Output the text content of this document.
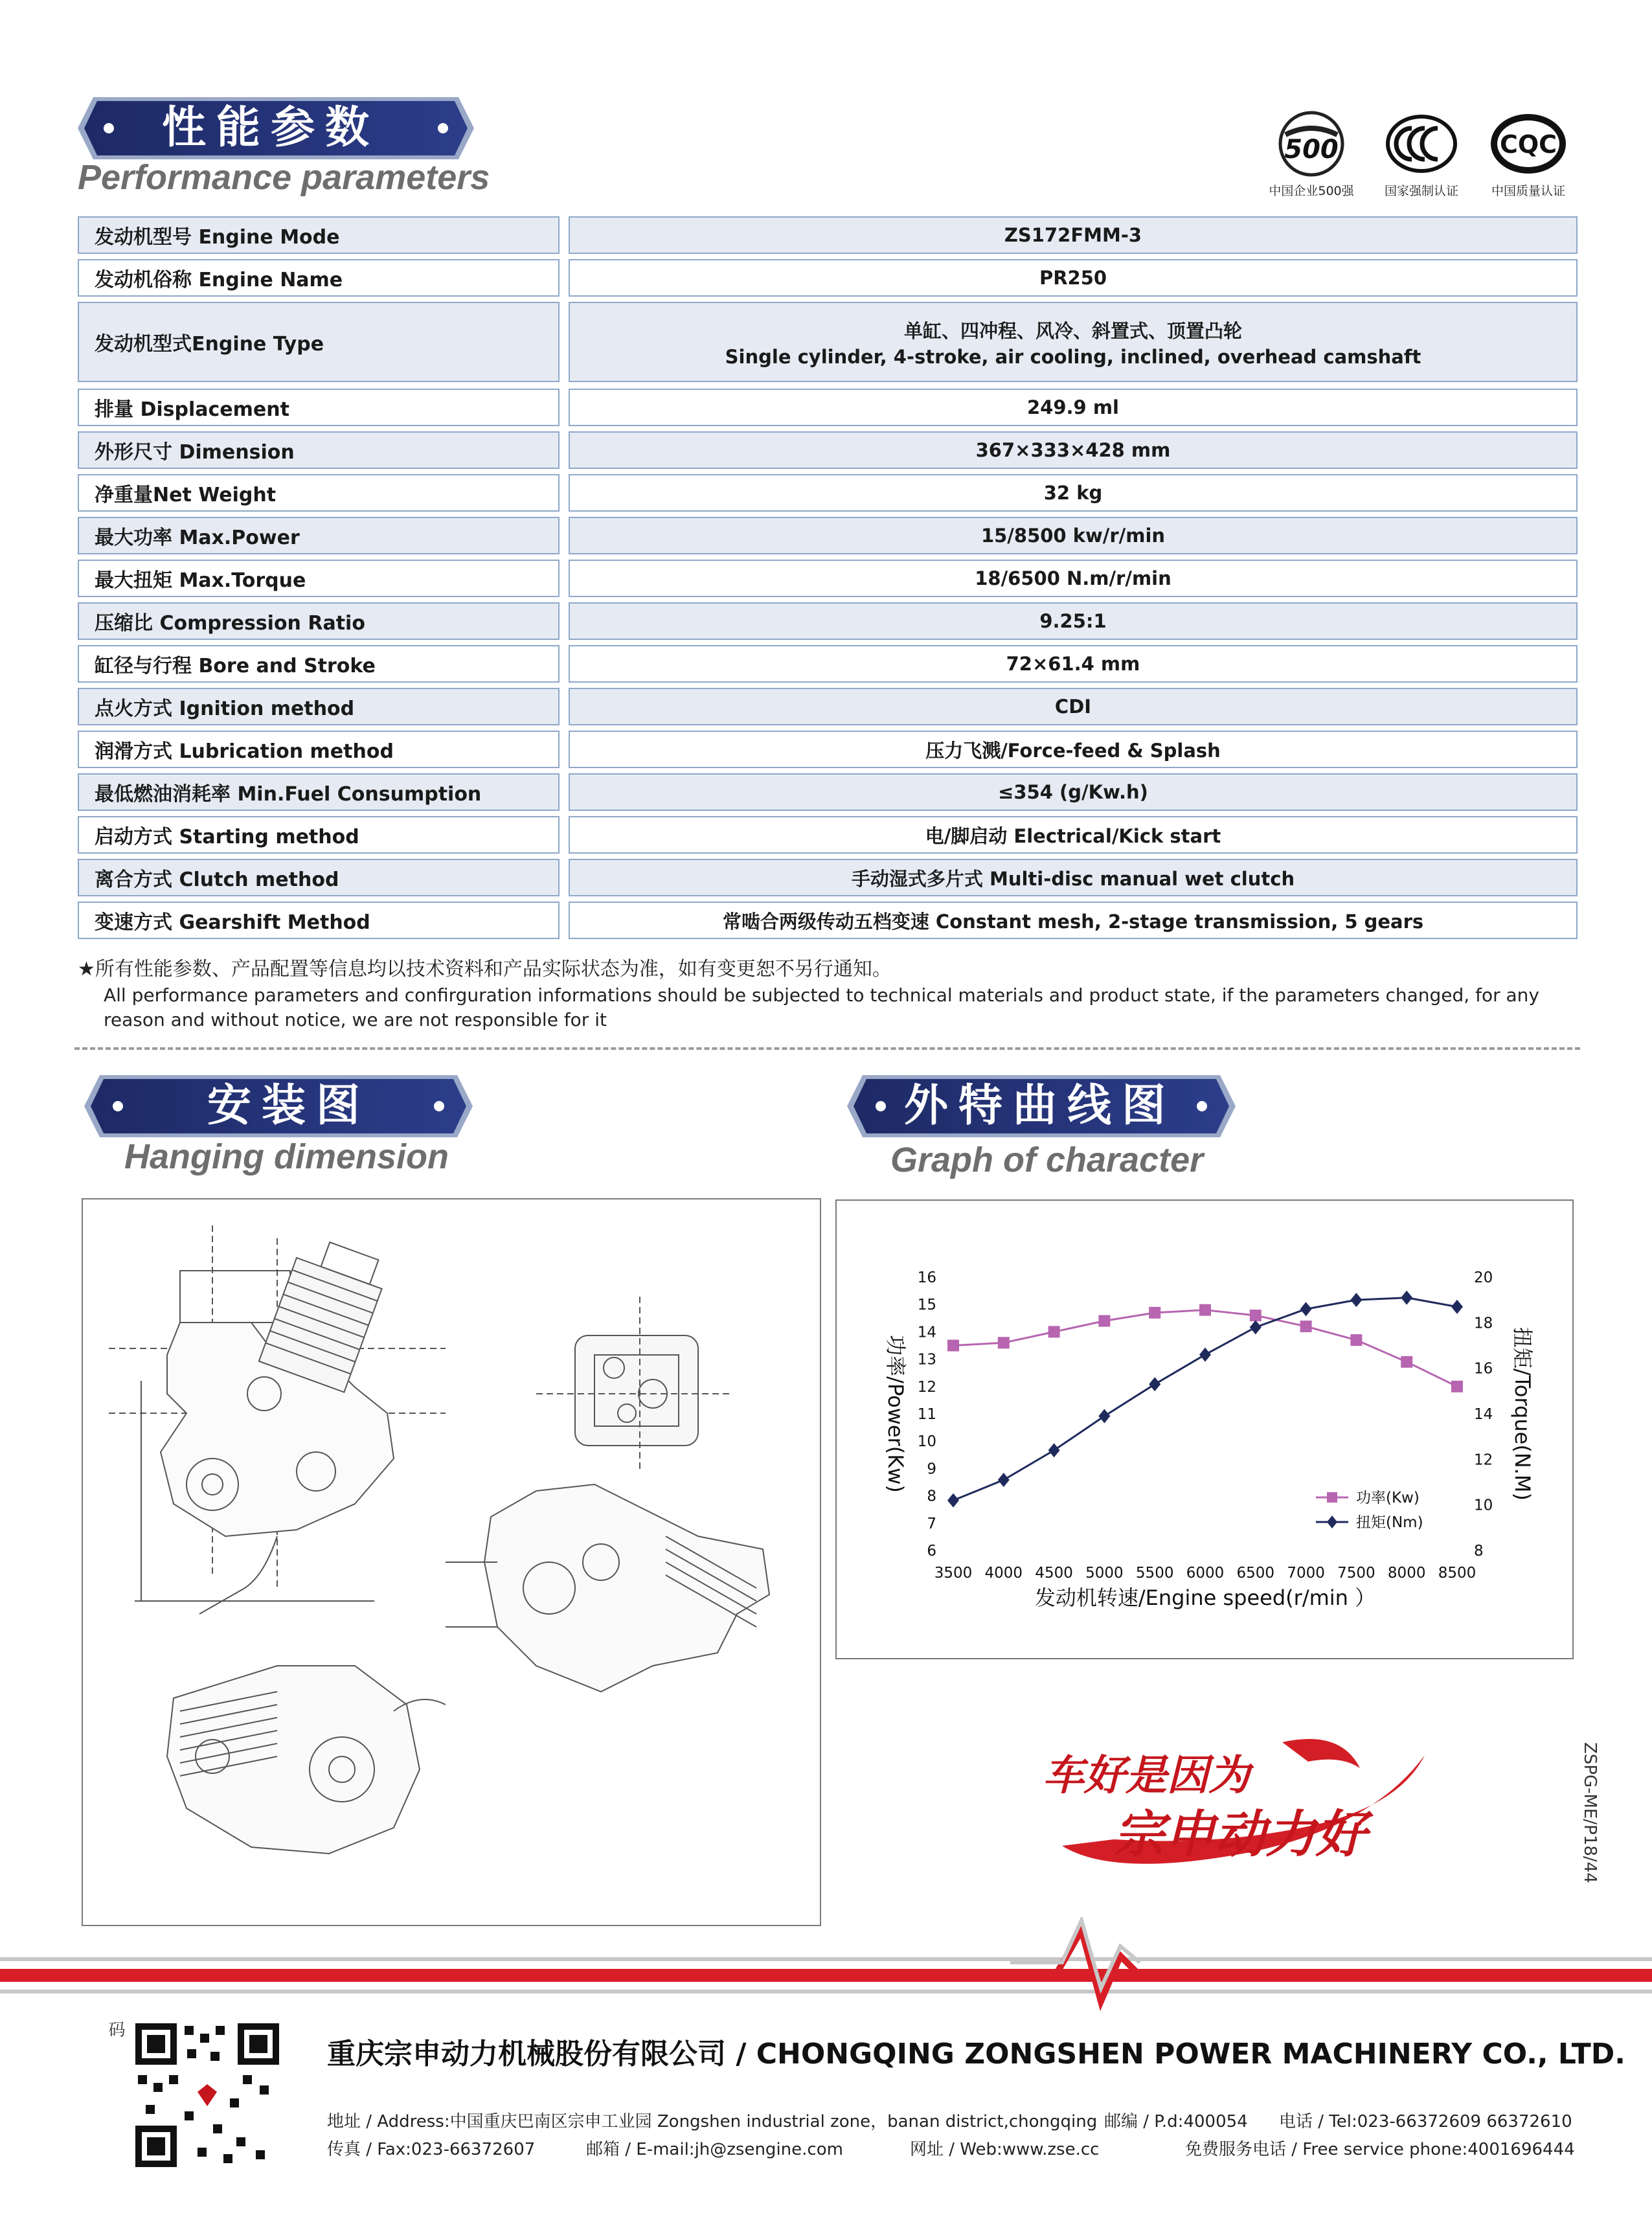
性能参数
Performance parameters
500
中国企业500强	国家强制认证
CQC
中国质量认证
发动机型号 Engine Mode	ZS172FMM-3
发动机俗称 Engine Name	PR250
发动机型式Engine Type
单缸、四冲程、风冷、斜置式、顶置凸轮
Single cylinder, 4-stroke, air cooling, inclined, overhead camshaft
排量 Displacement	249.9 ml
外形尺寸 Dimension	367×333×428 mm
净重量Net Weight	32 kg
最大功率 Max.Power	15/8500 kw/r/min
最大扭矩 Max.Torque	18/6500 N.m/r/min
压缩比 Compression Ratio	9.25:1
缸径与行程 Bore and Stroke	72×61.4 mm
点火方式 Ignition method	CDI
润滑方式 Lubrication method	压力飞溅/Force-feed & Splash
最低燃油消耗率 Min.Fuel Consumption	≤354 (g/Kw.h)
启动方式 Starting method	电/脚启动 Electrical/Kick start
离合方式 Clutch method	手动湿式多片式 Multi-disc manual wet clutch
变速方式 Gearshift Method	常啮合两级传动五档变速 Constant mesh, 2-stage transmission, 5 gears
★所有性能参数、产品配置等信息均以技术资料和产品实际状态为准，如有变更恕不另行通知。
All performance parameters and confirguration informations should be subjected to technical materials and product state, if the parameters changed, for any
reason and without notice, we are not responsible for it
安装图
Hanging dimension
外特曲线图
Graph of character
6
7
8
9
10
11
12
13
14
15
16
8
10
12
14
16
18
20
3500 4000 4500 5000 5500 6000 6500 7000 7500 8000 8500
发动机转速/Engine speed(r/min ）
功率/Power(Kw)	扭矩/Torque(N.M)
功率(Kw)
扭矩(Nm)
车好是因为
宗申动力好	ZSPG-ME/P18/44
码
重庆宗申动力机械股份有限公司 / CHONGQING ZONGSHEN POWER MACHINERY CO., LTD.
地址 / Address:中国重庆巴南区宗申工业园 Zongshen industrial zone，banan district,chongqing 邮编 / P.d:400054 电话 / Tel:023-66372609 66372610
传真 / Fax:023-66372607	邮箱 / E-mail:jh@zsengine.com	网址 / Web:www.zse.cc	免费服务电话 / Free service phone:4001696444
